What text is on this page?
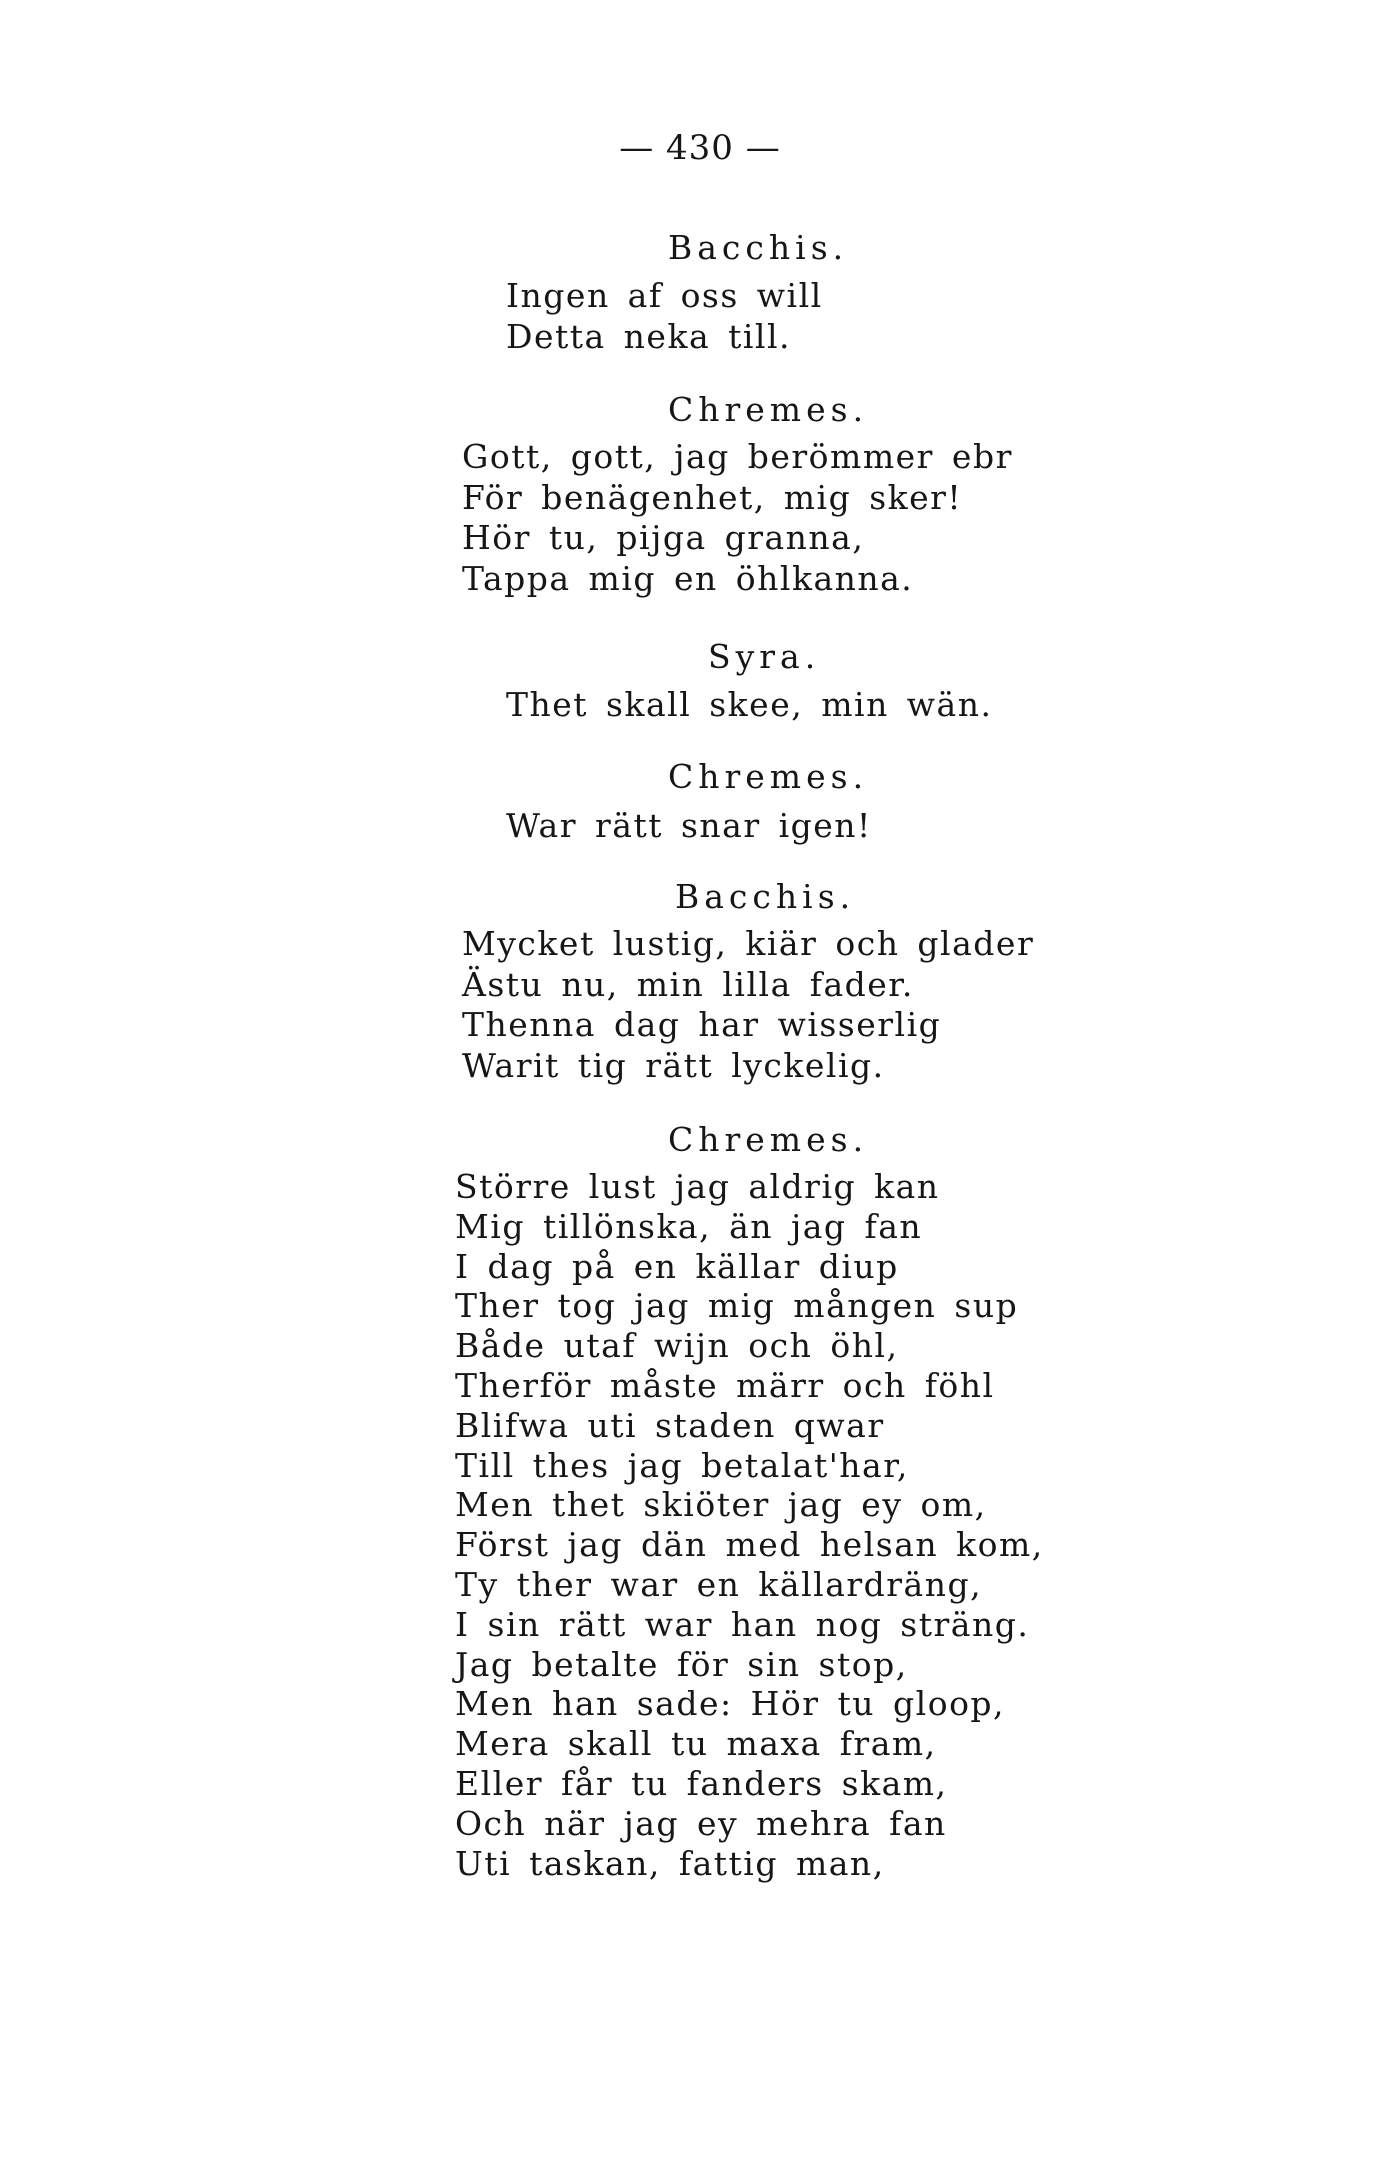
— 430 —
Bacchis.
Ingen af oss will
Detta neka till.
Chremes.
Gott, gott, jag berömmer ebr
För benägenhet, mig sker!
Hör tu, pijga granna,
Tappa mig en öhlkanna.
Syra.
Thet skall skee, min wän.
Chremes.
War rätt snar igen!
Bacchis.
Mycket lustig, kiär och glader
Ästu nu, min lilla fader.
Thenna dag har wisserlig
Warit tig rätt lyckelig.
Chremes.
Större lust jag aldrig kan
Mig tillönska, än jag fan
I dag på en källar diup
Ther tog jag mig mången sup
Både utaf wijn och öhl,
Therför måste märr och föhl
Blifwa uti staden qwar
Till thes jag betalat'har,
Men thet skiöter jag ey om,
Först jag dän med helsan kom,
Ty ther war en källardräng,
I sin rätt war han nog sträng.
Jag betalte för sin stop,
Men han sade: Hör tu gloop,
Mera skall tu maxa fram,
Eller får tu fanders skam,
Och när jag ey mehra fan
Uti taskan, fattig man,
